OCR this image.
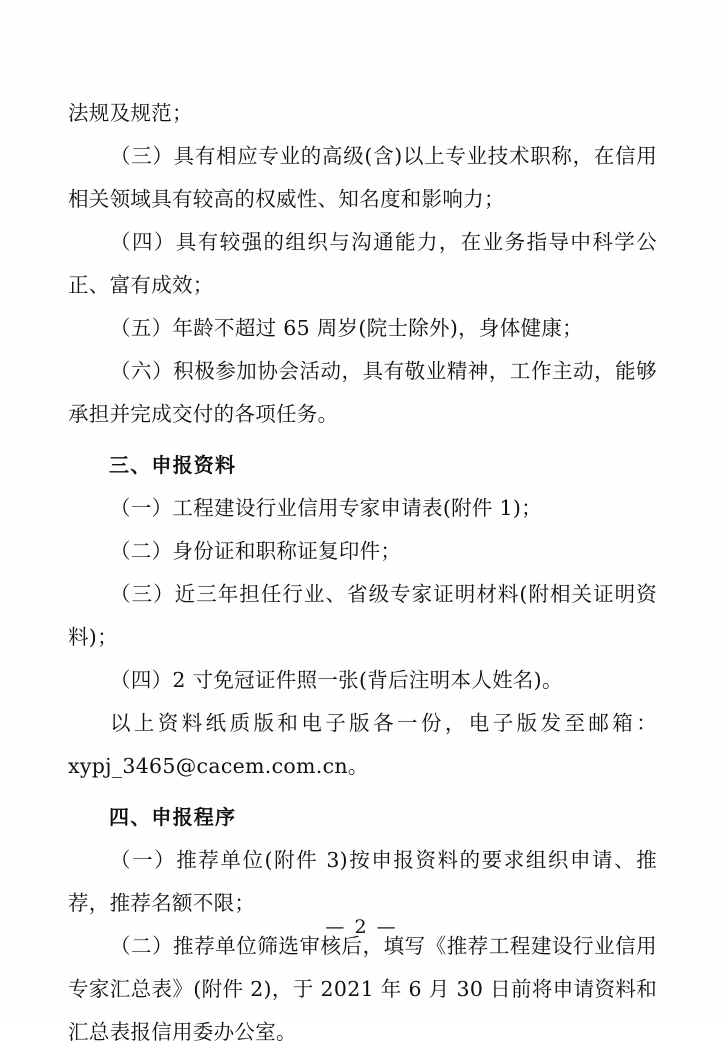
法规及规范；

（三）具有相应专业的高级(含)以上专业技术职称，在信用相关领域具有较高的权威性、知名度和影响力；

（四）具有较强的组织与沟通能力，在业务指导中科学公正、富有成效；

（五）年龄不超过 65 周岁(院士除外)，身体健康；

（六）积极参加协会活动，具有敬业精神，工作主动，能够承担并完成交付的各项任务。

三、申报资料

（一）工程建设行业信用专家申请表(附件 1)；

（二）身份证和职称证复印件；

（三）近三年担任行业、省级专家证明材料(附相关证明资料)；

（四）2 寸免冠证件照一张(背后注明本人姓名)。

以上资料纸质版和电子版各一份，电子版发至邮箱：xypj_3465@cacem.com.cn。

四、申报程序

（一）推荐单位(附件 3)按申报资料的要求组织申请、推荐，推荐名额不限；

（二）推荐单位筛选审核后，填写《推荐工程建设行业信用专家汇总表》(附件 2)，于 2021 年 6 月 30 日前将申请资料和汇总表报信用委办公室。

— 2 —
